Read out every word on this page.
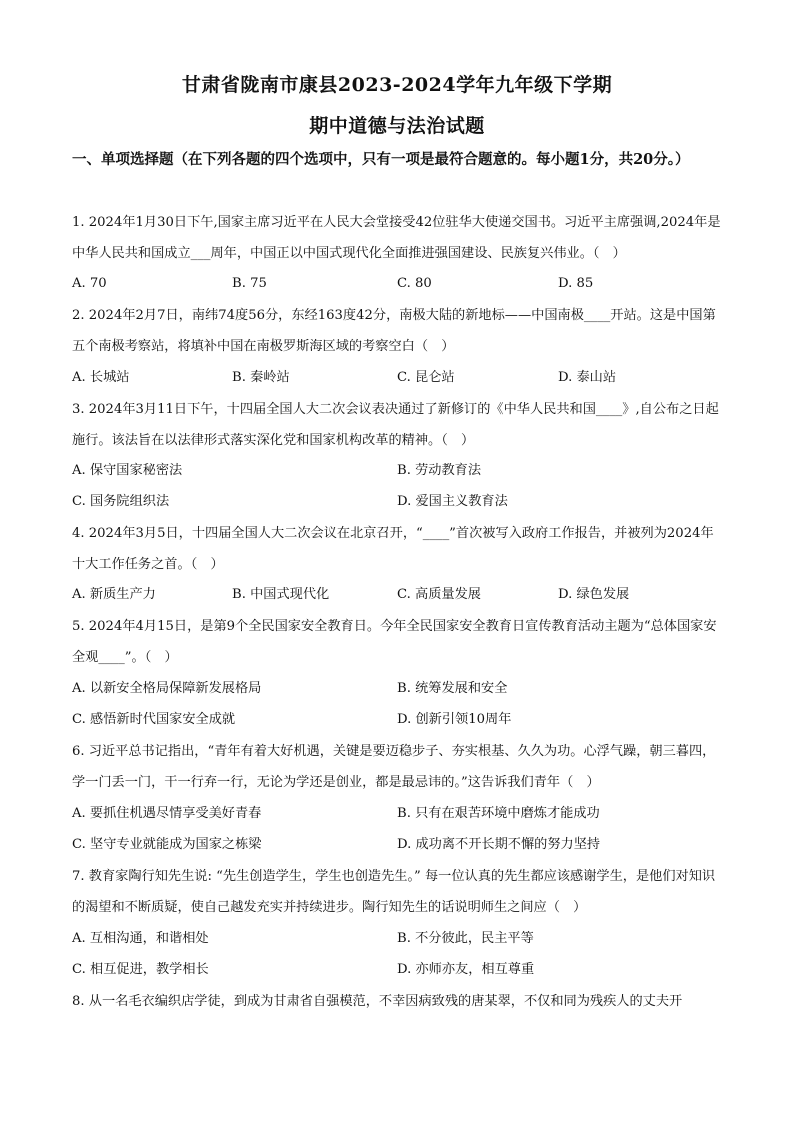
甘肃省陇南市康县2023-2024学年九年级下学期
期中道德与法治试题
一、单项选择题（在下列各题的四个选项中，只有一项是最符合题意的。每小题1分，共20分。）
1. 2024年1月30日下午,国家主席习近平在人民大会堂接受42位驻华大使递交国书。习近平主席强调,2024年是中华人民共和国成立___周年，中国正以中国式现代化全面推进强国建设、民族复兴伟业。（　）
A. 70	B. 75	C. 80	D. 85
2. 2024年2月7日，南纬74度56分，东经163度42分，南极大陆的新地标——中国南极____开站。这是中国第五个南极考察站，将填补中国在南极罗斯海区域的考察空白（　）
A. 长城站	B. 秦岭站	C. 昆仑站	D. 泰山站
3. 2024年3月11日下午，十四届全国人大二次会议表决通过了新修订的《中华人民共和国____》,自公布之日起施行。该法旨在以法律形式落实深化党和国家机构改革的精神。（　）
A. 保守国家秘密法	B. 劳动教育法
C. 国务院组织法	D. 爱国主义教育法
4. 2024年3月5日，十四届全国人大二次会议在北京召开，“____”首次被写入政府工作报告，并被列为2024年十大工作任务之首。（　）
A. 新质生产力	B. 中国式现代化	C. 高质量发展	D. 绿色发展
5. 2024年4月15日，是第9个全民国家安全教育日。今年全民国家安全教育日宣传教育活动主题为“总体国家安全观____”。（　）
A. 以新安全格局保障新发展格局	B. 统筹发展和安全
C. 感悟新时代国家安全成就	D. 创新引领10周年
6. 习近平总书记指出，“青年有着大好机遇，关键是要迈稳步子、夯实根基、久久为功。心浮气躁，朝三暮四，学一门丢一门，干一行弃一行，无论为学还是创业，都是最忌讳的。”这告诉我们青年（　）
A. 要抓住机遇尽情享受美好青春	B. 只有在艰苦环境中磨炼才能成功
C. 坚守专业就能成为国家之栋梁	D. 成功离不开长期不懈的努力坚持
7. 教育家陶行知先生说: “先生创造学生，学生也创造先生。” 每一位认真的先生都应该感谢学生，是他们对知识的渴望和不断质疑，使自己越发充实并持续进步。陶行知先生的话说明师生之间应（　）
A. 互相沟通，和谐相处	B. 不分彼此，民主平等
C. 相互促进，教学相长	D. 亦师亦友，相互尊重
8. 从一名毛衣编织店学徒，到成为甘肃省自强模范，不幸因病致残的唐某翠，不仅和同为残疾人的丈夫开
